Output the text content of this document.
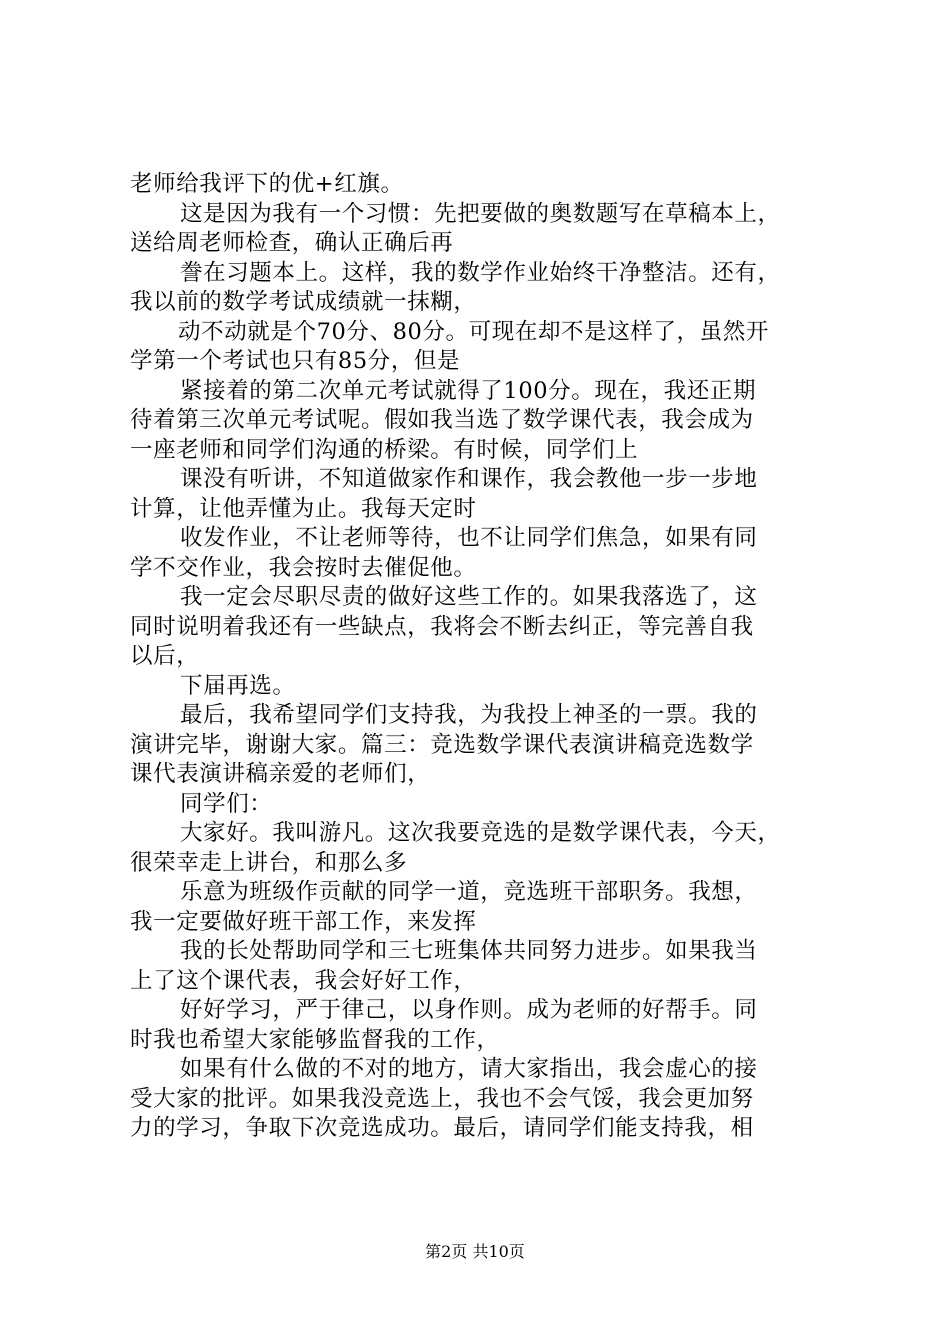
老师给我评下的优+红旗。
这是因为我有一个习惯：先把要做的奥数题写在草稿本上，
送给周老师检查，确认正确后再
誊在习题本上。这样，我的数学作业始终干净整洁。还有，
我以前的数学考试成绩就一抹糊，
动不动就是个70分、80分。可现在却不是这样了，虽然开
学第一个考试也只有85分，但是
紧接着的第二次单元考试就得了100分。现在，我还正期
待着第三次单元考试呢。假如我当选了数学课代表，我会成为
一座老师和同学们沟通的桥梁。有时候，同学们上
课没有听讲，不知道做家作和课作，我会教他一步一步地
计算，让他弄懂为止。我每天定时
收发作业，不让老师等待，也不让同学们焦急，如果有同
学不交作业，我会按时去催促他。
我一定会尽职尽责的做好这些工作的。如果我落选了，这
同时说明着我还有一些缺点，我将会不断去纠正，等完善自我
以后，
下届再选。
最后，我希望同学们支持我，为我投上神圣的一票。我的
演讲完毕，谢谢大家。篇三：竞选数学课代表演讲稿竞选数学
课代表演讲稿亲爱的老师们，
同学们：
大家好。我叫游凡。这次我要竞选的是数学课代表，今天，
很荣幸走上讲台，和那么多
乐意为班级作贡献的同学一道，竞选班干部职务。我想，
我一定要做好班干部工作，来发挥
我的长处帮助同学和三七班集体共同努力进步。如果我当
上了这个课代表，我会好好工作，
好好学习，严于律己，以身作则。成为老师的好帮手。同
时我也希望大家能够监督我的工作，
如果有什么做的不对的地方，请大家指出，我会虚心的接
受大家的批评。如果我没竞选上，我也不会气馁，我会更加努
力的学习，争取下次竞选成功。最后，请同学们能支持我，相
第2页 共10页
